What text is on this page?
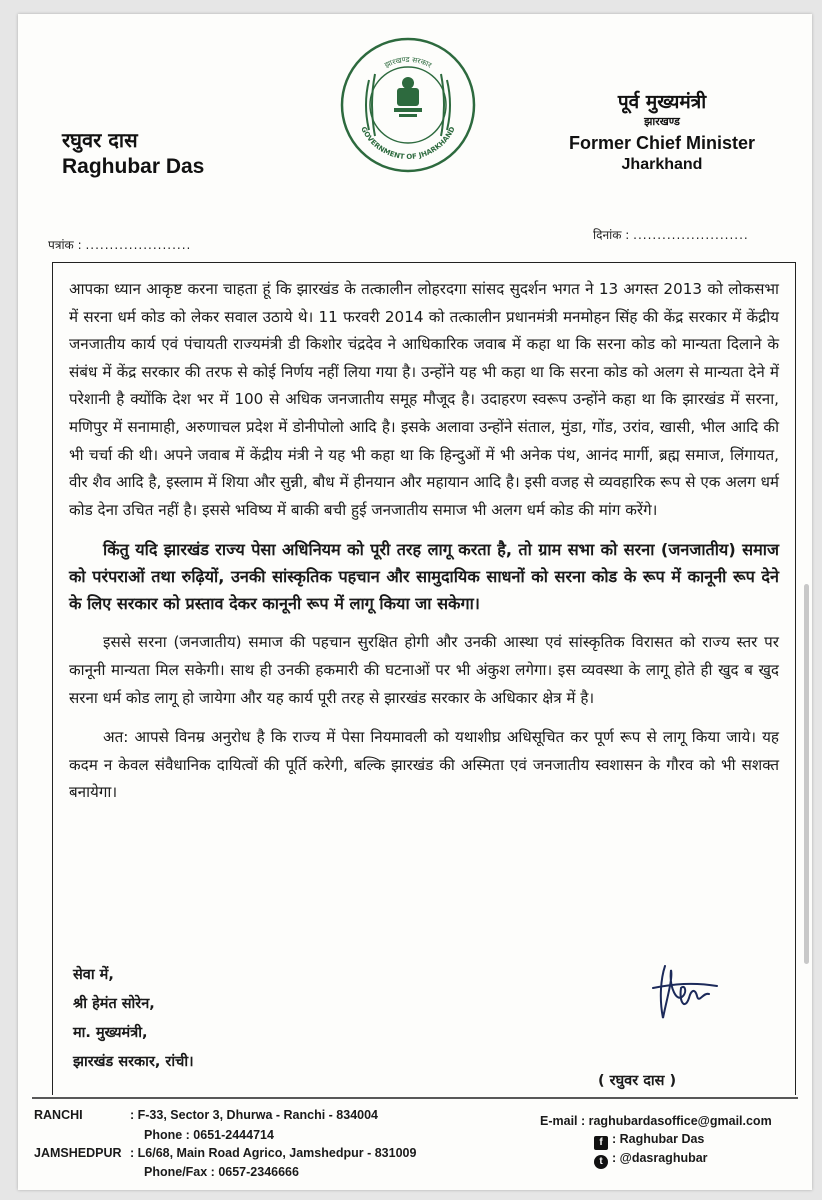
रघुवर दास
Raghubar Das
झारखण्ड सरकार
GOVERNMENT OF JHARKHAND
पूर्व मुख्यमंत्री
झारखण्ड
Former Chief Minister
Jharkhand
पत्रांक : ......................
दिनांक : ........................

आपका ध्यान आकृष्ट करना चाहता हूं कि झारखंड के तत्कालीन लोहरदगा सांसद सुदर्शन भगत ने 13 अगस्त 2013 को लोकसभा में सरना धर्म कोड को लेकर सवाल उठाये थे। 11 फरवरी 2014 को तत्कालीन प्रधानमंत्री मनमोहन सिंह की केंद्र सरकार में केंद्रीय जनजातीय कार्य एवं पंचायती राज्यमंत्री डी किशोर चंद्रदेव ने आधिकारिक जवाब में कहा था कि सरना कोड को मान्यता दिलाने के संबंध में केंद्र सरकार की तरफ से कोई निर्णय नहीं लिया गया है। उन्होंने यह भी कहा था कि सरना कोड को अलग से मान्यता देने में परेशानी है क्योंकि देश भर में 100 से अधिक जनजातीय समूह मौजूद है। उदाहरण स्वरूप उन्होंने कहा था कि झारखंड में सरना, मणिपुर में सनामाही, अरुणाचल प्रदेश में डोनीपोलो आदि है। इसके अलावा उन्होंने संताल, मुंडा, गोंड, उरांव, खासी, भील आदि की भी चर्चा की थी। अपने जवाब में केंद्रीय मंत्री ने यह भी कहा था कि हिन्दुओं में भी अनेक पंथ, आनंद मार्गी, ब्रह्म समाज, लिंगायत, वीर शैव आदि है, इस्लाम में शिया और सुन्नी, बौध में हीनयान और महायान आदि है। इसी वजह से व्यवहारिक रूप से एक अलग धर्म कोड देना उचित नहीं है। इससे भविष्य में बाकी बची हुई जनजातीय समाज भी अलग धर्म कोड की मांग करेंगे।

किंतु यदि झारखंड राज्य पेसा अधिनियम को पूरी तरह लागू करता है, तो ग्राम सभा को सरना (जनजातीय) समाज को परंपराओं तथा रुढ़ियों, उनकी सांस्कृतिक पहचान और सामुदायिक साधनों को सरना कोड के रूप में कानूनी रूप देने के लिए सरकार को प्रस्ताव देकर कानूनी रूप में लागू किया जा सकेगा।

इससे सरना (जनजातीय) समाज की पहचान सुरक्षित होगी और उनकी आस्था एवं सांस्कृतिक विरासत को राज्य स्तर पर कानूनी मान्यता मिल सकेगी। साथ ही उनकी हकमारी की घटनाओं पर भी अंकुश लगेगा। इस व्यवस्था के लागू होते ही खुद ब खुद सरना धर्म कोड लागू हो जायेगा और यह कार्य पूरी तरह से झारखंड सरकार के अधिकार क्षेत्र में है।

अत: आपसे विनम्र अनुरोध है कि राज्य में पेसा नियमावली को यथाशीघ्र अधिसूचित कर पूर्ण रूप से लागू किया जाये। यह कदम न केवल संवैधानिक दायित्वों की पूर्ति करेगी, बल्कि झारखंड की अस्मिता एवं जनजातीय स्वशासन के गौरव को भी सशक्त बनायेगा।

सेवा में,
श्री हेमंत सोरेन,
मा. मुख्यमंत्री,
झारखंड सरकार, रांची।
( रघुवर दास )
RANCHI	: F-33, Sector 3, Dhurwa - Ranchi - 834004
Phone : 0651-2444714
JAMSHEDPUR : L6/68, Main Road Agrico, Jamshedpur - 831009
Phone/Fax : 0657-2346666
E-mail : raghubardasoffice@gmail.com
f : Raghubar Das
t : @dasraghubar
